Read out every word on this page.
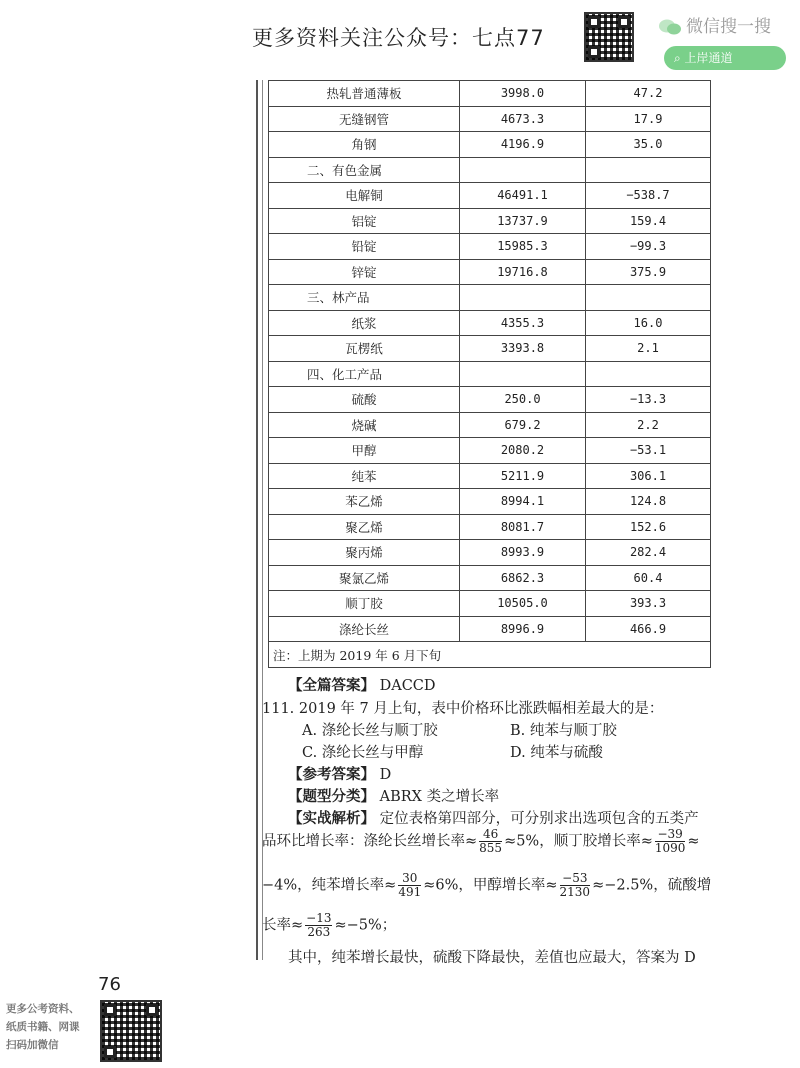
更多资料关注公众号：七点77	微信搜一搜
⌕ 上岸通道
热轧普通薄板	3998.0	47.2
无缝钢管	4673.3	17.9
角钢	4196.9	35.0
二、有色金属		
电解铜	46491.1	−538.7
铝锭	13737.9	159.4
铅锭	15985.3	−99.3
锌锭	19716.8	375.9
三、林产品		
纸浆	4355.3	16.0
瓦楞纸	3393.8	2.1
四、化工产品		
硫酸	250.0	−13.3
烧碱	679.2	2.2
甲醇	2080.2	−53.1
纯苯	5211.9	306.1
苯乙烯	8994.1	124.8
聚乙烯	8081.7	152.6
聚丙烯	8993.9	282.4
聚氯乙烯	6862.3	60.4
顺丁胶	10505.0	393.3
涤纶长丝	8996.9	466.9
注：上期为 2019 年 6 月下旬		
【全篇答案】 DACCD
111. 2019 年 7 月上旬，表中价格环比涨跌幅相差最大的是：
A. 涤纶长丝与顺丁胶	B. 纯苯与顺丁胶
C. 涤纶长丝与甲醇	D. 纯苯与硫酸
【参考答案】 D
【题型分类】 ABRX 类之增长率
【实战解析】 定位表格第四部分，可分别求出选项包含的五类产
品环比增长率：涤纶长丝增长率≈ $\frac{46}{855} \approx 5\%$，顺丁胶增长率≈ $\frac{-39}{1090}$ ≈
−4%，纯苯增长率≈ $\frac{30}{491} \approx 6\%$，甲醇增长率≈ $\frac{-53}{2130} \approx-2.5\%$，硫酸增
长率≈ $\frac{-13}{263} \approx-5\%$；
其中，纯苯增长最快，硫酸下降最快，差值也应最大，答案为 D
76
更多公考资料、
纸质书籍、网课
扫码加微信
